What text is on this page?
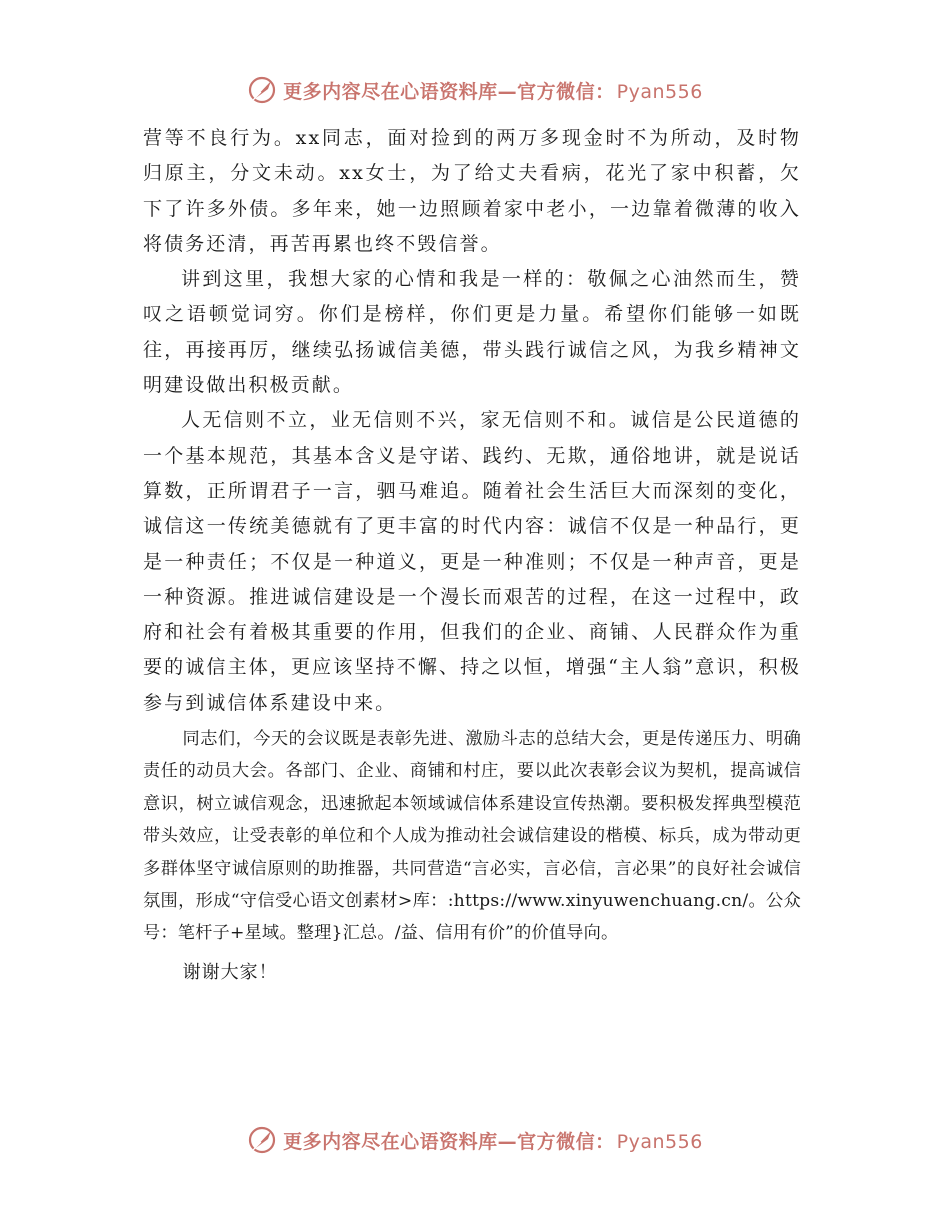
更多内容尽在心语资料库—官方微信： Pyan556

营等不良行为。xx同志，面对捡到的两万多现金时不为所动，及时物归原主，分文未动。xx女士，为了给丈夫看病，花光了家中积蓄，欠下了许多外债。多年来，她一边照顾着家中老小，一边靠着微薄的收入将债务还清，再苦再累也终不毁信誉。

讲到这里，我想大家的心情和我是一样的：敬佩之心油然而生，赞叹之语顿觉词穷。你们是榜样，你们更是力量。希望你们能够一如既往，再接再厉，继续弘扬诚信美德，带头践行诚信之风，为我乡精神文明建设做出积极贡献。

人无信则不立，业无信则不兴，家无信则不和。诚信是公民道德的一个基本规范，其基本含义是守诺、践约、无欺，通俗地讲，就是说话算数，正所谓君子一言，驷马难追。随着社会生活巨大而深刻的变化，诚信这一传统美德就有了更丰富的时代内容：诚信不仅是一种品行，更是一种责任；不仅是一种道义，更是一种准则；不仅是一种声音，更是一种资源。推进诚信建设是一个漫长而艰苦的过程，在这一过程中，政府和社会有着极其重要的作用，但我们的企业、商铺、人民群众作为重要的诚信主体，更应该坚持不懈、持之以恒，增强“主人翁”意识，积极参与到诚信体系建设中来。

同志们，今天的会议既是表彰先进、激励斗志的总结大会，更是传递压力、明确责任的动员大会。各部门、企业、商铺和村庄，要以此次表彰会议为契机，提高诚信意识，树立诚信观念，迅速掀起本领域诚信体系建设宣传热潮。要积极发挥典型模范带头效应，让受表彰的单位和个人成为推动社会诚信建设的楷模、标兵，成为带动更多群体坚守诚信原则的助推器，共同营造“言必实，言必信，言必果”的良好社会诚信氛围，形成“守信受心语文创素材>库：:https://www.xinyuwenchuang.cn/。公众号：笔杆子+星域。整理}汇总。/益、信用有价”的价值导向。

谢谢大家！

更多内容尽在心语资料库—官方微信： Pyan556
